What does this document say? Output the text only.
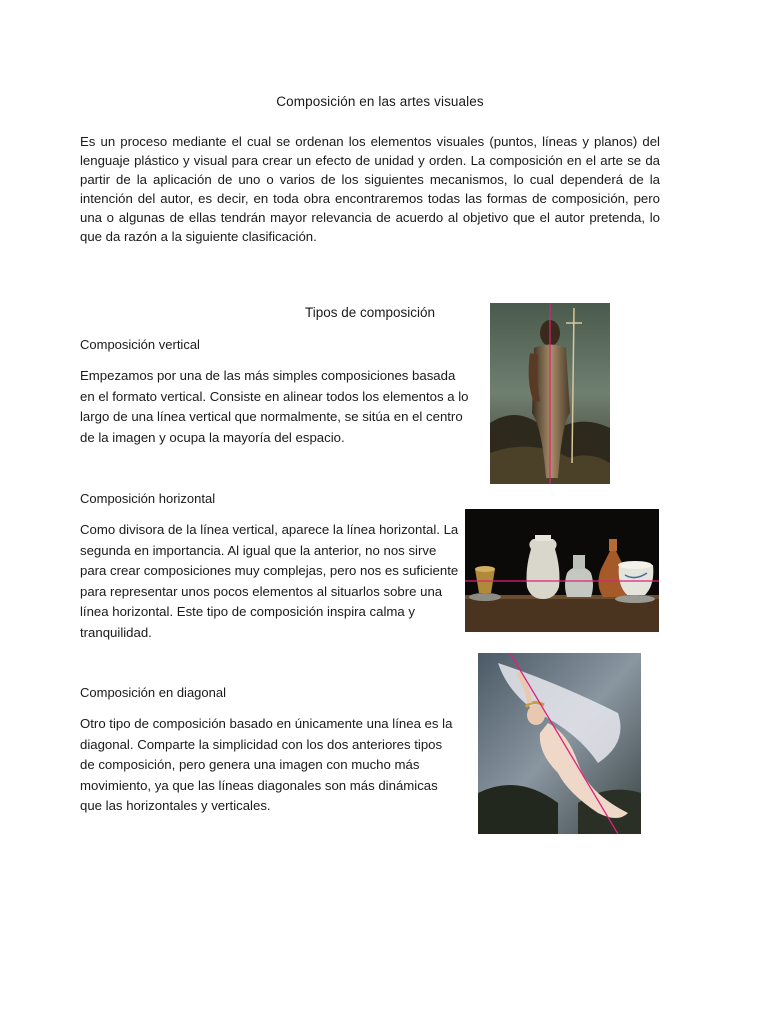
Composición en las artes visuales
Es un proceso mediante el cual se ordenan los elementos visuales (puntos, líneas y planos) del lenguaje plástico y visual para crear un efecto de unidad y orden. La composición en el arte se da partir de la aplicación de uno o varios de los siguientes mecanismos, lo cual dependerá de la intención del autor, es decir, en toda obra encontraremos todas las formas de composición, pero una o algunas de ellas tendrán mayor relevancia de acuerdo al objetivo que el autor pretenda, lo que da razón a la siguiente clasificación.
Tipos de composición
Composición vertical
Empezamos por una de las más simples composiciones basada en el formato vertical. Consiste en alinear todos los elementos a lo largo de una línea vertical que normalmente, se sitúa en el centro de la imagen y ocupa la mayoría del espacio.
Composición horizontal
Como divisora de la línea vertical, aparece la línea horizontal. La segunda en importancia. Al igual que la anterior, no nos sirve para crear composiciones muy complejas, pero nos es suficiente para representar unos pocos elementos al situarlos sobre una línea horizontal. Este tipo de composición inspira calma y tranquilidad.
Composición en diagonal
Otro tipo de composición basado en únicamente una línea es la diagonal. Comparte la simplicidad con los dos anteriores tipos de composición, pero genera una imagen con mucho más movimiento, ya que las líneas diagonales son más dinámicas que las horizontales y verticales.
